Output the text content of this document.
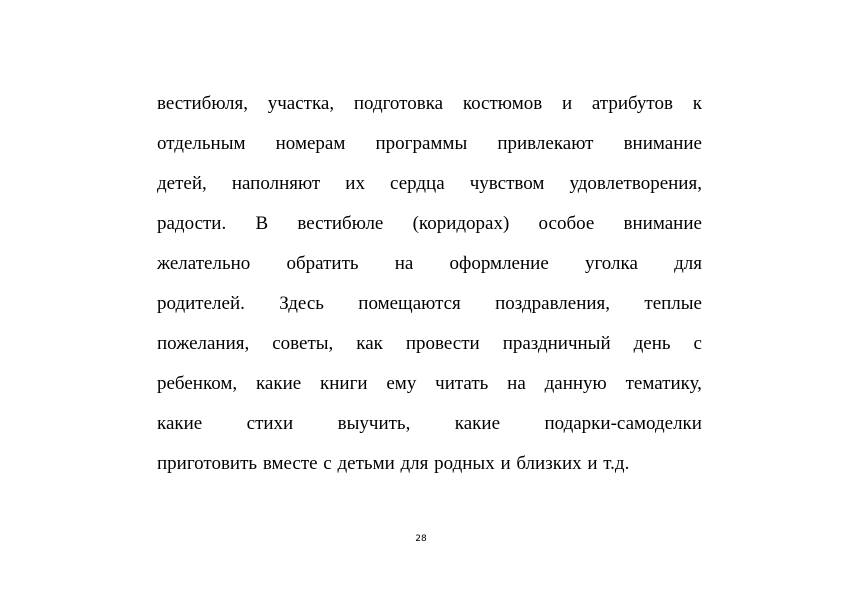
вестибюля, участка, подготовка костюмов и атрибутов к
отдельным номерам программы привлекают внимание
детей, наполняют их сердца чувством удовлетворения,
радости. В вестибюле (коридорах) особое внимание
желательно обратить на оформление уголка для
родителей. Здесь помещаются поздравления, теплые
пожелания, советы, как провести праздничный день с
ребенком, какие книги ему читать на данную тематику,
какие стихи выучить, какие подарки-самоделки
приготовить вместе с детьми для родных и близких и т.д.
28
